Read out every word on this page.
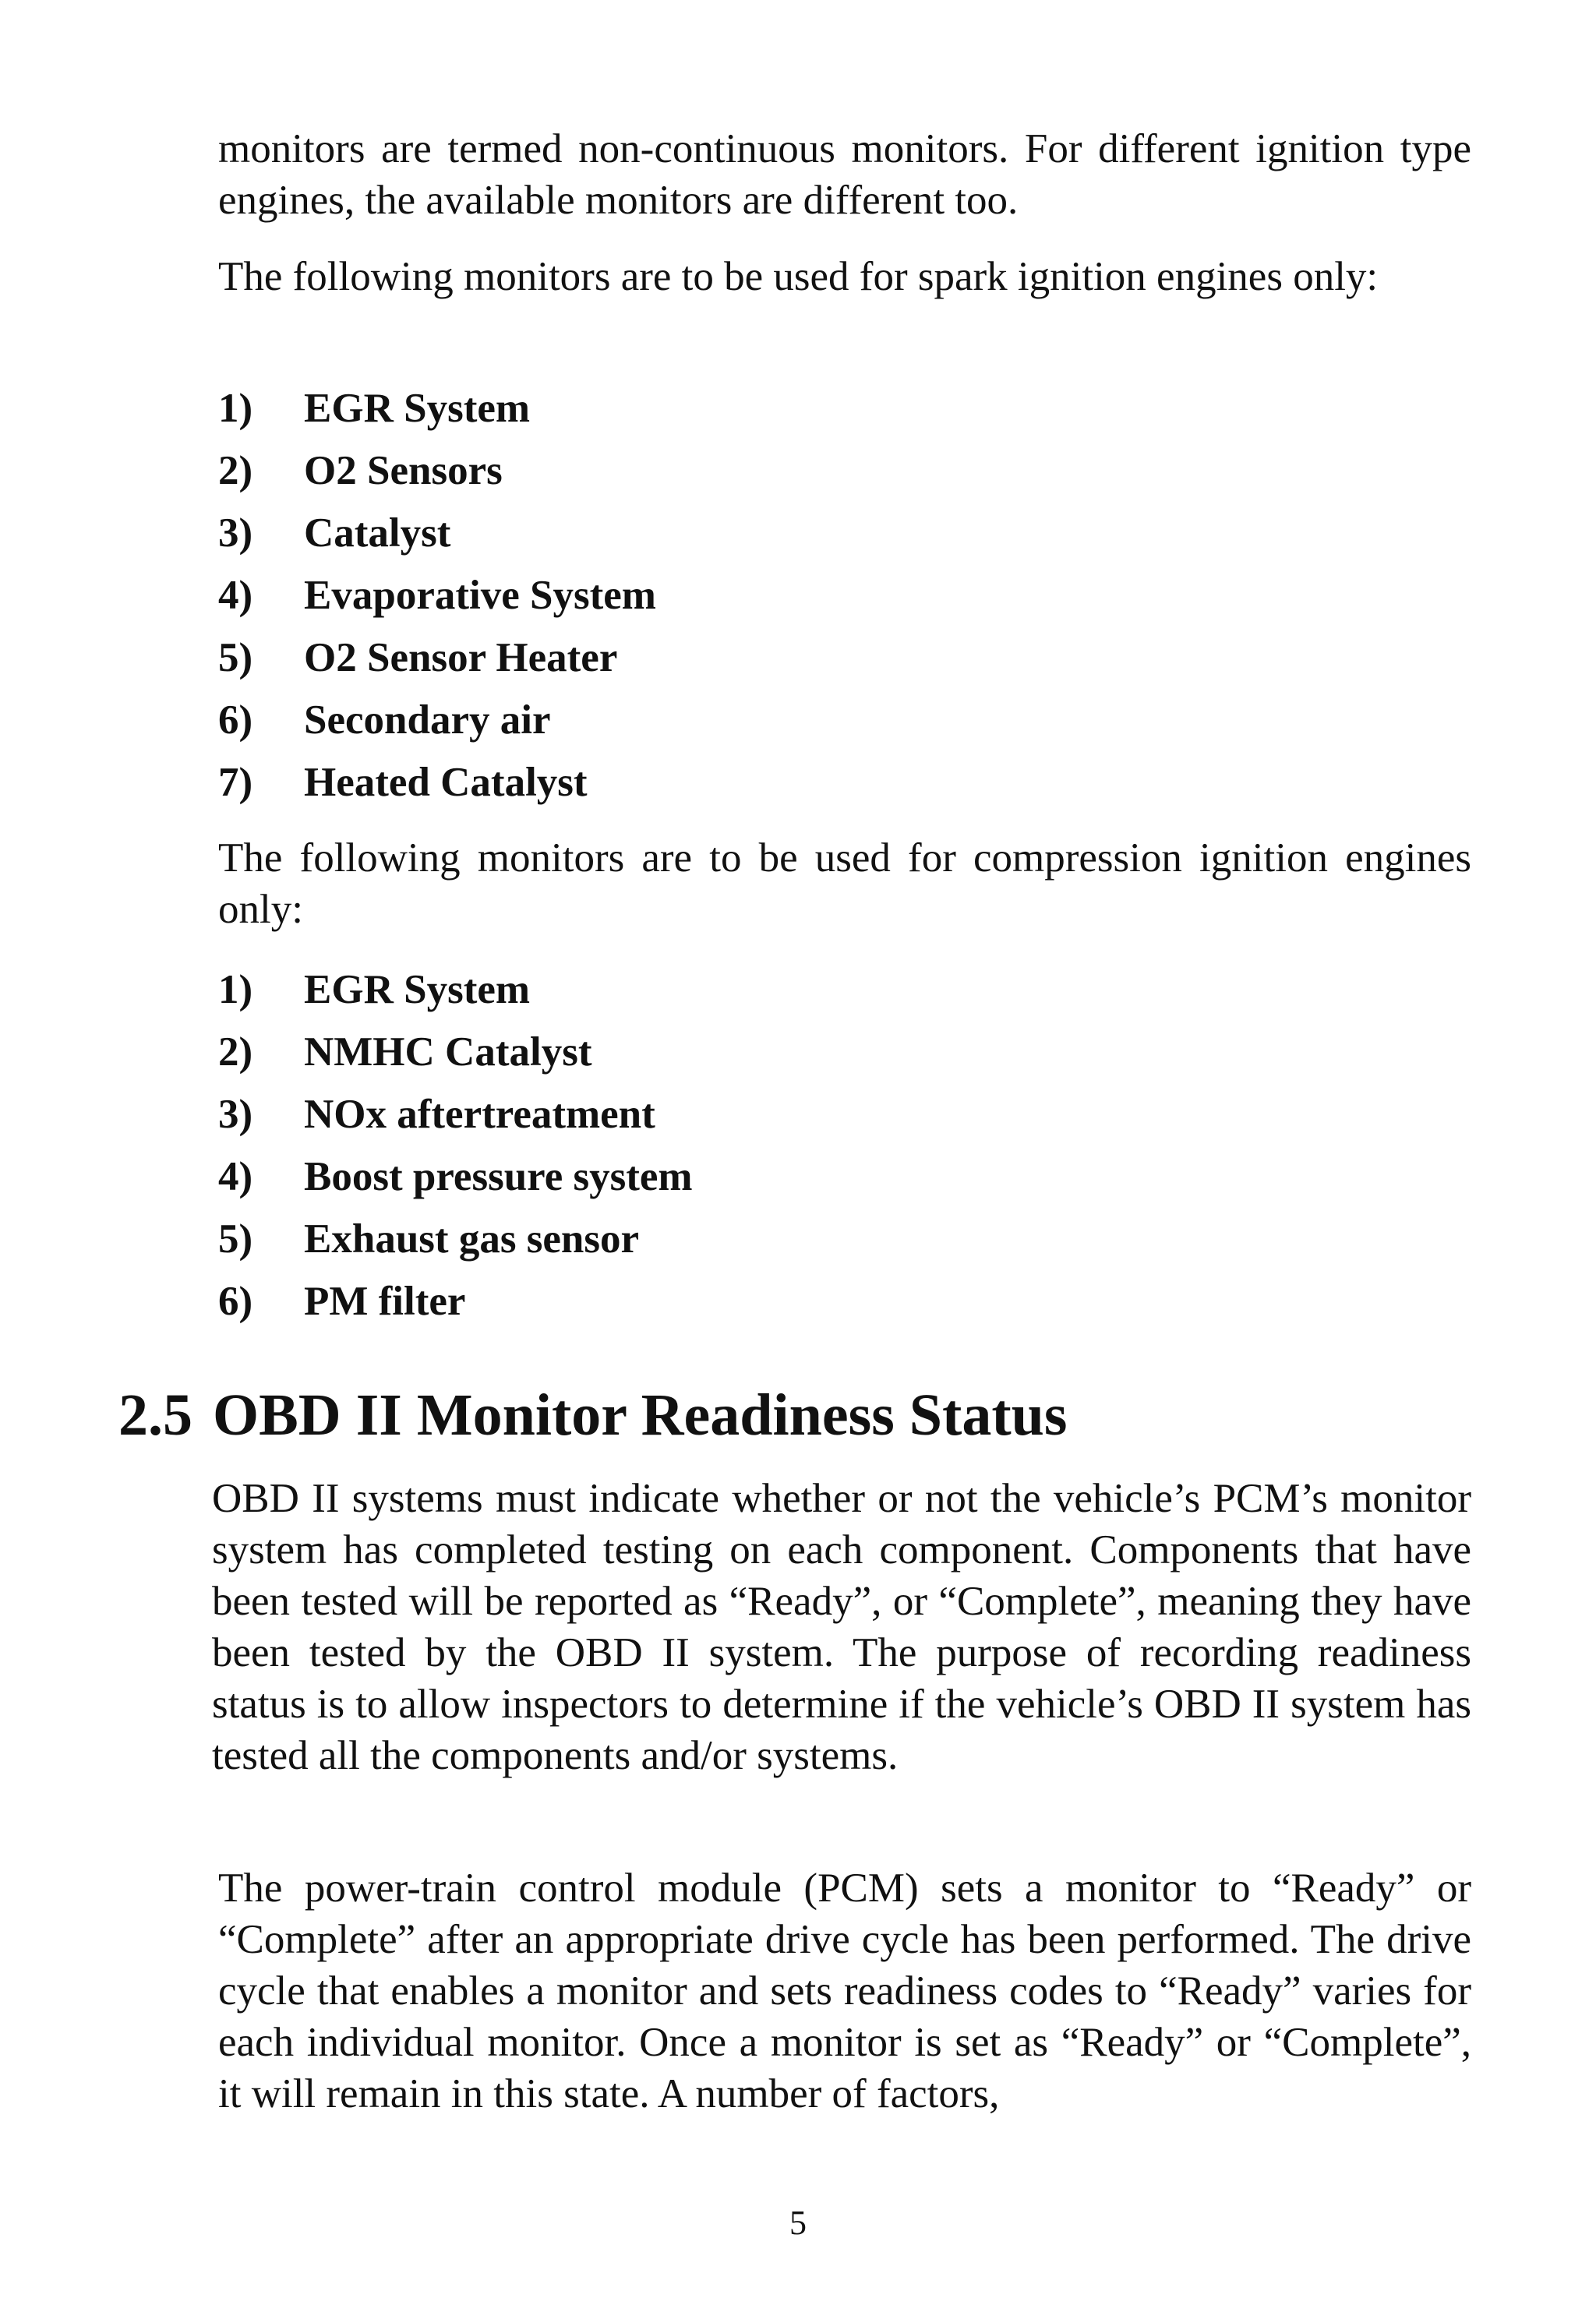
monitors are termed non-continuous monitors. For different ignition type engines, the available monitors are different too.

The following monitors are to be used for spark ignition engines only:

1) EGR System
2) O2 Sensors
3) Catalyst
4) Evaporative System
5) O2 Sensor Heater
6) Secondary air
7) Heated Catalyst

The following monitors are to be used for compression ignition engines only:

1) EGR System
2) NMHC Catalyst
3) NOx aftertreatment
4) Boost pressure system
5) Exhaust gas sensor
6) PM filter
2.5 OBD II Monitor Readiness Status

OBD II systems must indicate whether or not the vehicle’s PCM’s monitor system has completed testing on each component. Components that have been tested will be reported as “Ready”, or “Complete”, meaning they have been tested by the OBD II system. The purpose of recording readiness status is to allow inspectors to determine if the vehicle’s OBD II system has tested all the components and/or systems.

The power-train control module (PCM) sets a monitor to “Ready” or “Complete” after an appropriate drive cycle has been performed. The drive cycle that enables a monitor and sets readiness codes to “Ready” varies for each individual monitor. Once a monitor is set as “Ready” or “Complete”, it will remain in this state. A number of factors,

5
